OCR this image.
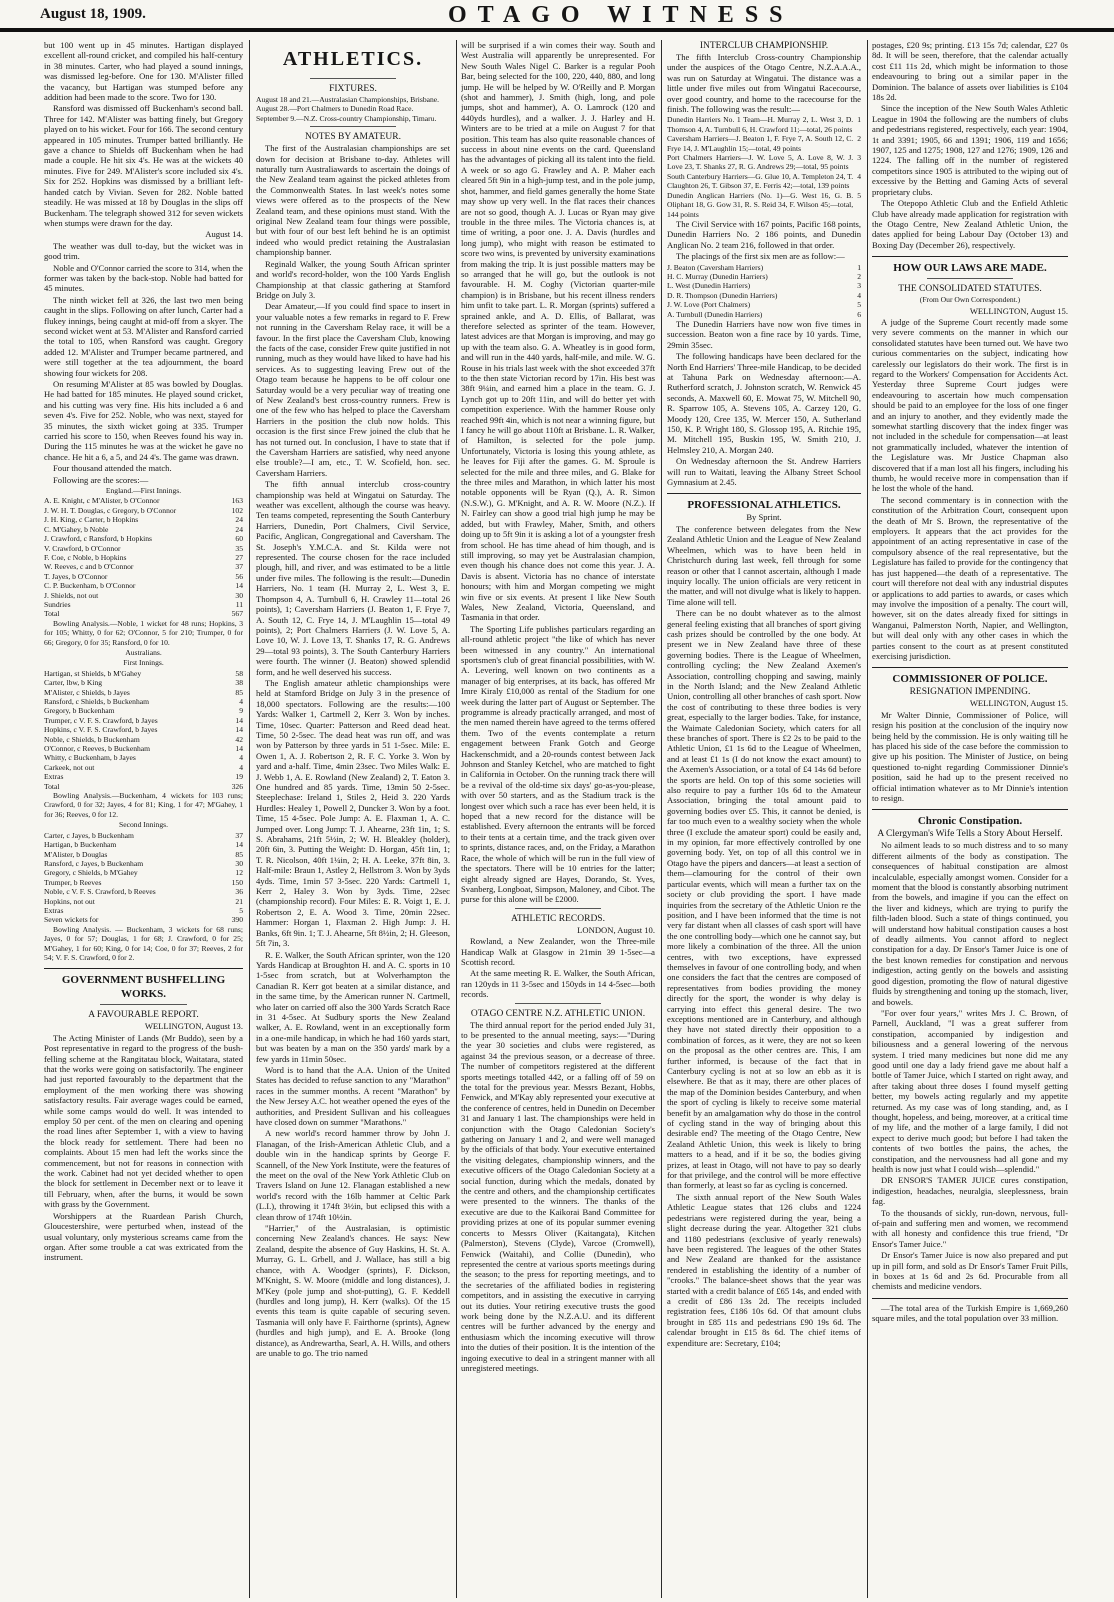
August 18, 1909.	OTAGO WITNESS

but 100 went up in 45 minutes. Hartigan displayed excellent all-round cricket, and compiled his half-century in 38 minutes. Carter, who had played a sound innings, was dismissed leg-before. One for 130. M'Alister filled the vacancy, but Hartigan was stumped before any addition had been made to the score. Two for 130.

Ransford was dismissed off Buckenham's second ball. Three for 142. M'Alister was batting finely, but Gregory played on to his wicket. Four for 166. The second century appeared in 105 minutes. Trumper batted brilliantly. He gave a chance to Shields off Buckenham when he had made a couple. He hit six 4's. He was at the wickets 40 minutes. Five for 249. M'Alister's score included six 4's. Six for 252. Hopkins was dismissed by a brilliant left-handed catch by Vivian. Seven for 282. Noble batted steadily. He was missed at 18 by Douglas in the slips off Buckenham. The telegraph showed 312 for seven wickets when stumps were drawn for the day.

August 14.

The weather was dull to-day, but the wicket was in good trim.

Noble and O'Connor carried the score to 314, when the former was taken by the back-stop. Noble had batted for 45 minutes.

The ninth wicket fell at 326, the last two men being caught in the slips. Following on after lunch, Carter had a flukey innings, being caught at mid-off from a skyer. The second wicket went at 53. M'Alister and Ransford carried the total to 105, when Ransford was caught. Gregory added 12. M'Alister and Trumper became partnered, and were still together at the tea adjournment, the board showing four wickets for 208.

On resuming M'Alister at 85 was bowled by Douglas. He had batted for 185 minutes. He played sound cricket, and his cutting was very fine. His hits included a 6 and seven 4's. Five for 252. Noble, who was next, stayed for 35 minutes, the sixth wicket going at 335. Trumper carried his score to 150, when Reeves found his way in. During the 115 minutes he was at the wicket he gave no chance. He hit a 6, a 5, and 24 4's. The game was drawn.

Four thousand attended the match.

Following are the scores:—

England.—First Innings.

A. E. Knight, c M'Alister, b O'Connor	163
J. W. H. T. Douglas, c Gregory, b O'Connor	102
J. H. King, c Carter, b Hopkins	24
C. M'Gahey, b Noble	24
J. Crawford, c Ransford, b Hopkins	60
V. Crawford, b O'Connor	35
F. Coe, c Noble, b Hopkins	27
W. Reeves, c and b O'Connor	37
T. Jayes, b O'Connor	56
C. P. Buckenham, b O'Connor	14
J. Shields, not out	30
Sundries	11
Total	567

Bowling Analysis.—Noble, 1 wicket for 48 runs; Hopkins, 3 for 105; Whitty, 0 for 62; O'Connor, 5 for 210; Trumper, 0 for 66; Gregory, 0 for 35; Ransford, 0 for 10.

Australians.

First Innings.

Hartigan, st Shields, b M'Gahey	58
Carter, lbw, b King	38
M'Alister, c Shields, b Jayes	85
Ransford, c Shields, b Buckenham	4
Gregory, b Buckenham	9
Trumper, c V. F. S. Crawford, b Jayes	14
Hopkins, c V. F. S. Crawford, b Jayes	14
Noble, c Shields, b Buckenham	42
O'Connor, c Reeves, b Buckenham	14
Whitty, c Buckenham, b Jayes	4
Carkeek, not out	4
Extras	19
Total	326

Bowling Analysis.—Buckenham, 4 wickets for 103 runs; Crawford, 0 for 32; Jayes, 4 for 81; King, 1 for 47; M'Gahey, 1 for 36; Reeves, 0 for 12.

Second Innings.

Carter, c Jayes, b Buckenham	37
Hartigan, b Buckenham	14
M'Alister, b Douglas	85
Ransford, c Jayes, b Buckenham	30
Gregory, c Shields, b M'Gahey	12
Trumper, b Reeves	150
Noble, c V. F. S. Crawford, b Reeves	36
Hopkins, not out	21
Extras	5
Seven wickets for	390

Bowling Analysis. — Buckenham, 3 wickets for 68 runs; Jayes, 0 for 57; Douglas, 1 for 68; J. Crawford, 0 for 25; M'Gahey, 1 for 60; King, 0 for 14; Coe, 0 for 37; Reeves, 2 for 54; V. F. S. Crawford, 0 for 2.

GOVERNMENT BUSHFELLING WORKS.
A FAVOURABLE REPORT.

WELLINGTON, August 13.

The Acting Minister of Lands (Mr Buddo), seen by a Post representative in regard to the progress of the bush-felling scheme at the Rangitatau block, Waitatara, stated that the works were going on satisfactorily. The engineer had just reported favourably to the department that the employment of the men working there was showing satisfactory results. Fair average wages could be earned, while some camps would do well. It was intended to employ 50 per cent. of the men on clearing and opening the road lines after September 1, with a view to having the block ready for settlement. There had been no complaints. About 15 men had left the works since the commencement, but not for reasons in connection with the work. Cabinet had not yet decided whether to open the block for settlement in December next or to leave it till February, when, after the burns, it would be sown with grass by the Government.

Worshippers at the Ruardean Parish Church, Gloucestershire, were perturbed when, instead of the usual voluntary, only mysterious screams came from the organ. After some trouble a cat was extricated from the instrument.

ATHLETICS.
FIXTURES.
August 18 and 21.—Australasian Championships, Brisbane.
August 28.—Port Chalmers to Dunedin Road Race.
September 9.—N.Z. Cross-country Championship, Timaru.
NOTES BY AMATEUR.

The first of the Australasian championships are set down for decision at Brisbane to-day. Athletes will naturally turn Australiawards to ascertain the doings of the New Zealand team against the picked athletes from the Commonwealth States. In last week's notes some views were offered as to the prospects of the New Zealand team, and these opinions must stand. With the original New Zealand team four things were possible, but with four of our best left behind he is an optimist indeed who would predict retaining the Australasian championship banner.

Reginald Walker, the young South African sprinter and world's record-holder, won the 100 Yards English Championship at that classic gathering at Stamford Bridge on July 3.

Dear Amateur,—If you could find space to insert in your valuable notes a few remarks in regard to F. Frew not running in the Caversham Relay race, it will be a favour. In the first place the Caversham Club, knowing the facts of the case, consider Frew quite justified in not running, much as they would have liked to have had his services. As to suggesting leaving Frew out of the Otago team because he happens to be off colour one Saturday would be a very peculiar way of treating one of New Zealand's best cross-country runners. Frew is one of the few who has helped to place the Caversham Harriers in the position the club now holds. This occasion is the first since Frew joined the club that he has not turned out. In conclusion, I have to state that if the Caversham Harriers are satisfied, why need anyone else trouble?—I am, etc., T. W. Scofield, hon. sec. Caversham Harriers.

The fifth annual interclub cross-country championship was held at Wingatui on Saturday. The weather was excellent, although the course was heavy. Ten teams competed, representing the South Canterbury Harriers, Dunedin, Port Chalmers, Civil Service, Pacific, Anglican, Congregational and Caversham. The St. Joseph's Y.M.C.A. and St. Kilda were not represented. The course chosen for the race included plough, hill, and river, and was estimated to be a little under five miles. The following is the result:—Dunedin Harriers, No. 1 team (H. Murray 2, L. West 3, E. Thompson 4, A. Turnbull 6, H. Crawley 11—total 26 points), 1; Caversham Harriers (J. Beaton 1, F. Frye 7, A. South 12, C. Frye 14, J. M'Laughlin 15—total 49 points), 2; Port Chalmers Harriers (J. W. Love 5, A. Love 10, W. J. Love 13, T. Shanks 17, R. G. Andrews 29—total 93 points), 3. The South Canterbury Harriers were fourth. The winner (J. Beaton) showed splendid form, and he well deserved his success.

The English amateur athletic championships were held at Stamford Bridge on July 3 in the presence of 18,000 spectators. Following are the results:—100 Yards: Walker 1, Cartmell 2, Kerr 3. Won by inches. Time, 10sec. Quarter: Patterson and Reed dead heat. Time, 50 2-5sec. The dead heat was run off, and was won by Patterson by three yards in 51 1-5sec. Mile: E. Owen 1, A. J. Robertson 2, R. F. C. Yorke 3. Won by yard and a-half. Time, 4min 23sec. Two Miles Walk: E. J. Webb 1, A. E. Rowland (New Zealand) 2, T. Eaton 3. One hundred and 85 yards. Time, 13min 50 2-5sec. Steeplechase: Ireland 1, Stiles 2, Heid 3. 220 Yards Hurdles: Healey 1, Powell 2, Duncker 3. Won by a foot. Time, 15 4-5sec. Pole Jump: A. E. Flaxman 1, A. C. Jumped over. Long Jump: T. J. Ahearne, 23ft 1in, 1; S. S. Abrahams, 21ft 5½in, 2; W. H. Bleakley (holder), 20ft 6in, 3. Putting the Weight: D. Horgan, 45ft 1in, 1; T. R. Nicolson, 40ft 1¼in, 2; H. A. Leeke, 37ft 8in, 3. Half-mile: Braun 1, Astley 2, Hellstrom 3. Won by 3yds 4yds. Time, 1min 57 3-5sec. 220 Yards: Cartmell 1, Kerr 2, Haley 3. Won by 3yds. Time, 22sec (championship record). Four Miles: E. R. Voigt 1, E. J. Robertson 2, E. A. Wood 3. Time, 20min 22sec. Hammer: Horgan 1, Flaxman 2. High Jump: J. H. Banks, 6ft 9in. 1; T. J. Ahearne, 5ft 8½in, 2; H. Gleeson, 5ft 7in, 3.

R. E. Walker, the South African sprinter, won the 120 Yards Handicap at Broughton H. and A. C. sports in 10 1-5sec from scratch, but at Wolverhampton the Canadian R. Kerr got beaten at a similar distance, and in the same time, by the American runner N. Cartmell, who later on carried off also the 300 Yards Scratch Race in 31 4-5sec. At Sudbury sports the New Zealand walker, A. E. Rowland, went in an exceptionally form in a one-mile handicap, in which he had 160 yards start, but was beaten by a man on the 350 yards' mark by a few yards in 11min 50sec.

Word is to hand that the A.A. Union of the United States has decided to refuse sanction to any "Marathon" races in the summer months. A recent "Marathon" by the New Jersey A.C. hot weather opened the eyes of the authorities, and President Sullivan and his colleagues have closed down on summer "Marathons."

A new world's record hammer throw by John J. Flanagan, of the Irish-American Athletic Club, and a double win in the handicap sprints by George F. Scannell, of the New York Institute, were the features of the meet on the oval of the New York Athletic Club on Travers Island on June 12. Flanagan established a new world's record with the 16lb hammer at Celtic Park (L.I.), throwing it 174ft 3½in, but eclipsed this with a clean throw of 174ft 10½in.

"Harrier," of the Australasian, is optimistic concerning New Zealand's chances. He says: New Zealand, despite the absence of Guy Haskins, H. St. A. Murray, G. L. Grbell, and J. Wallace, has still a big chance, with A. Woodger (sprints), F. Dickson, M'Knight, S. W. Moore (middle and long distances), J. M'Key (pole jump and shot-putting), G. F. Keddell (hurdles and long jump), H. Kerr (walks). Of the 15 events this team is quite capable of securing seven. Tasmania will only have F. Fairthorne (sprints), Agnew (hurdles and high jump), and E. A. Brooke (long distance), as Andrewartha, Searl, A. H. Wills, and others are unable to go. The trio named

will be surprised if a win comes their way. South and West Australia will apparently be unrepresented. For New South Wales Nigel C. Barker is a regular Pooh Bar, being selected for the 100, 220, 440, 880, and long jump. He will be helped by W. O'Reilly and P. Morgan (shot and hammer), J. Smith (high, long, and pole jumps, shot and hammer), A. O. Lamrock (120 and 440yds hurdles), and a walker. J. J. Harley and H. Winters are to be tried at a mile on August 7 for that position. This team has also quite reasonable chances of success in about nine events on the card. Queensland has the advantages of picking all its talent into the field. A week or so ago G. Frawley and A. P. Maher each cleared 5ft 9in in a high-jump test, and in the pole jump, shot, hammer, and field games generally the home State may show up very well. In the flat races their chances are not so good, though A. J. Lucas or Ryan may give trouble in the three miles. The Victoria chances is, at time of writing, a poor one. J. A. Davis (hurdles and long jump), who might with reason be estimated to score two wins, is prevented by university examinations from making the trip. It is just possible matters may be so arranged that he will go, but the outlook is not favourable. H. M. Coghy (Victorian quarter-mile champion) is in Brisbane, but his recent illness renders him unfit to take part. L. R. Morgan (sprints) suffered a sprained ankle, and A. D. Ellis, of Ballarat, was therefore selected as sprinter of the team. However, latest advices are that Morgan is improving, and may go up with the team also. G. A. Wheatley is in good form, and will run in the 440 yards, half-mile, and mile. W. G. Rouse in his trials last week with the shot exceeded 37ft to the then state Victorian record by 17in. His best was 38ft 9¼in, and earned him a place in the team. G. J. Lynch got up to 20ft 11in, and will do better yet with competition experience. With the hammer Rouse only reached 99ft 4in, which is not near a winning figure, but I fancy he will go about 110ft at Brisbane. L. R. Walker, of Hamilton, is selected for the pole jump. Unfortunately, Victoria is losing this young athlete, as he leaves for Fiji after the games. G. M. Sproule is selected for the mile and three miles, and G. Blake for the three miles and Marathon, in which latter his most notable opponents will be Ryan (Q.), A. R. Simon (N.S.W.), G. M'Knight, and A. R. W. Moore (N.Z.). If N. Fairley can show a good trial high jump he may be added, but with Frawley, Maher, Smith, and others doing up to 5ft 9in it is asking a lot of a youngster fresh from school. He has time ahead of him though, and is still improving, so may yet be Australasian champion, even though his chance does not come this year. J. A. Davis is absent. Victoria has no chance of interstate honours; with him and Morgan competing we might win five or six events. At present I like New South Wales, New Zealand, Victoria, Queensland, and Tasmania in that order.

The Sporting Life publishes particulars regarding an all-round athletic project "the like of which has never been witnessed in any country." An international sportsmen's club of great financial possibilities, with W. A. Levering, well known on two continents as a manager of big enterprises, at its back, has offered Mr Imre Kiraly £10,000 as rental of the Stadium for one week during the latter part of August or September. The programme is already practically arranged, and most of the men named therein have agreed to the terms offered them. Two of the events contemplate a return engagement between Frank Gotch and George Hackenschmidt, and a 20-rounds contest between Jack Johnson and Stanley Ketchel, who are matched to fight in California in October. On the running track there will be a revival of the old-time six days' go-as-you-please, with over 50 starters, and as the Stadium track is the longest over which such a race has ever been held, it is hoped that a new record for the distance will be established. Every afternoon the entrants will be forced to their tents at a certain time, and the track given over to sprints, distance races, and, on the Friday, a Marathon Race, the whole of which will be run in the full view of the spectators. There will be 10 entries for the latter; eight already signed are Hayes, Dorando, St. Yves, Svanberg, Longboat, Simpson, Maloney, and Cibot. The purse for this alone will be £2000.

ATHLETIC RECORDS.

LONDON, August 10.

Rowland, a New Zealander, won the Three-mile Handicap Walk at Glasgow in 21min 39 1-5sec—a Scottish record.

At the same meeting R. E. Walker, the South African, ran 120yds in 11 3-5sec and 150yds in 14 4-5sec—both records.

OTAGO CENTRE N.Z. ATHLETIC UNION.

The third annual report for the period ended July 31, to be presented to the annual meeting, says:—"During the year 30 societies and clubs were registered, as against 34 the previous season, or a decrease of three. The number of competitors registered at the different sports meetings totalled 442, or a falling off of 59 on the total for the previous year. Messrs Bezant, Hobbs, Fenwick, and M'Kay ably represented your executive at the conference of centres, held in Dunedin on December 31 and January 1 last. The championships were held in conjunction with the Otago Caledonian Society's gathering on January 1 and 2, and were well managed by the officials of that body. Your executive entertained the visiting delegates, championship winners, and the executive officers of the Otago Caledonian Society at a social function, during which the medals, donated by the centre and others, and the championship certificates were presented to the winners. The thanks of the executive are due to the Kaikorai Band Committee for providing prizes at one of its popular summer evening concerts to Messrs Oliver (Kaitangata), Kitchen (Palmerston), Stevens (Clyde), Varcoe (Cromwell), Fenwick (Waitahi), and Collie (Dunedin), who represented the centre at various sports meetings during the season; to the press for reporting meetings, and to the secretaries of the affiliated bodies in registering competitors, and in assisting the executive in carrying out its duties. Your retiring executive trusts the good work being done by the N.Z.A.U. and its different centres will be further advanced by the energy and enthusiasm which the incoming executive will throw into the duties of their position. It is the intention of the ingoing executive to deal in a stringent manner with all unregistered meetings.

INTERCLUB CHAMPIONSHIP.

The fifth Interclub Cross-country Championship under the auspices of the Otago Centre, N.Z.A.A.A., was run on Saturday at Wingatui. The distance was a little under five miles out from Wingatui Racecourse, over good country, and home to the racecourse for the finish. The following was the result:—

Dunedin Harriers No. 1 Team—H. Murray 2, L. West 3, D. Thomson 4, A. Turnbull 6, H. Crawford 11;—total, 26 points
1
Caversham Harriers—J. Beaton 1, F. Frye 7, A. South 12, C. Frye 14, J. M'Laughlin 15;—total, 49 points
2
Port Chalmers Harriers—J. W. Love 5, A. Love 8, W. J. Love 23, T. Shanks 27, R. G. Andrews 29;—total, 95 points
3
South Canterbury Harriers—G. Glue 10, A. Templeton 24, T. Claughton 26, T. Gibson 37, E. Ferris 42;—total, 139 points
4
Dunedin Anglican Harriers (No. 1)—G. West 16, G. B. Oliphant 18, G. Gow 31, R. S. Reid 34, F. Wilson 45;—total, 144 points
5

The Civil Service with 167 points, Pacific 168 points, Dunedin Harriers No. 2 186 points, and Dunedin Anglican No. 2 team 216, followed in that order.

The placings of the first six men are as follow:—

J. Beaton (Caversham Harriers)	1
H. C. Murray (Dunedin Harriers)	2
L. West (Dunedin Harriers)	3
D. R. Thompson (Dunedin Harriers)	4
J. W. Love (Port Chalmers)	5
A. Turnbull (Dunedin Harriers)	6

The Dunedin Harriers have now won five times in succession. Beaton won a fine race by 10 yards. Time, 29min 35sec.

The following handicaps have been declared for the North End Harriers' Three-mile Handicap, to be decided at Tahuna Park on Wednesday afternoon:—A. Rutherford scratch, J. Johnston scratch, W. Renwick 45 seconds, A. Maxwell 60, E. Mowat 75, W. Mitchell 90, R. Sparrow 105, A. Stevens 105, A. Carzey 120, G. Moody 120, Cree 135, W. Mercer 150, A. Sutherland 150, K. P. Wright 180, S. Glossop 195, A. Ritchie 195, M. Mitchell 195, Buskin 195, W. Smith 210, J. Helmsley 210, A. Morgan 240.

On Wednesday afternoon the St. Andrew Harriers will run to Waitati, leaving the Albany Street School Gymnasium at 2.45.

PROFESSIONAL ATHLETICS.

By Sprint.

The conference between delegates from the New Zealand Athletic Union and the League of New Zealand Wheelmen, which was to have been held in Christchurch during last week, fell through for some reason or other that I cannot ascertain, although I made inquiry locally. The union officials are very reticent in the matter, and will not divulge what is likely to happen. Time alone will tell.

There can be no doubt whatever as to the almost general feeling existing that all branches of sport giving cash prizes should be controlled by the one body. At present we in New Zealand have three of these governing bodies. There is the League of Wheelmen, controlling cycling; the New Zealand Axemen's Association, controlling chopping and sawing, mainly in the North Island; and the New Zealand Athletic Union, controlling all other branches of cash sport. Now the cost of contributing to these three bodies is very great, especially to the larger bodies. Take, for instance, the Waimate Caledonian Society, which caters for all these branches of sport. There is £2 2s to be paid to the Athletic Union, £1 1s 6d to the League of Wheelmen, and at least £1 1s (I do not know the exact amount) to the Axemen's Association, or a total of £4 14s 6d before the sports are held. On top of this some societies will also require to pay a further 10s 6d to the Amateur Association, bringing the total amount paid to governing bodies over £5. This, it cannot be denied, is far too much even to a wealthy society when the whole three (I exclude the amateur sport) could be easily and, in my opinion, far more effectively controlled by one governing body. Yet, on top of all this control we in Otago have the pipers and dancers—at least a section of them—clamouring for the control of their own particular events, which will mean a further tax on the society or club providing the sport. I have made inquiries from the secretary of the Athletic Union re the position, and I have been informed that the time is not very far distant when all classes of cash sport will have the one controlling body—which one he cannot say, but more likely a combination of the three. All the union centres, with two exceptions, have expressed themselves in favour of one controlling body, and when one considers the fact that the centres are composed of representatives from bodies providing the money directly for the sport, the wonder is why delay is carrying into effect this general desire. The two exceptions mentioned are in Canterbury, and although they have not stated directly their opposition to a combination of forces, as it were, they are not so keen on the proposal as the other centres are. This, I am further informed, is because of the fact that in Canterbury cycling is not at so low an ebb as it is elsewhere. Be that as it may, there are other places of the map of the Dominion besides Canterbury, and when the sport of cycling is likely to receive some material benefit by an amalgamation why do those in the control of cycling stand in the way of bringing about this desirable end? The meeting of the Otago Centre, New Zealand Athletic Union, this week is likely to bring matters to a head, and if it be so, the bodies giving prizes, at least in Otago, will not have to pay so dearly for that privilege, and the control will be more effective than formerly, at least so far as cycling is concerned.

The sixth annual report of the New South Wales Athletic League states that 126 clubs and 1224 pedestrians were registered during the year, being a slight decrease during the year. Altogether 321 clubs and 1180 pedestrians (exclusive of yearly renewals) have been registered. The leagues of the other States and New Zealand are thanked for the assistance rendered in establishing the identity of a number of "crooks." The balance-sheet shows that the year was started with a credit balance of £65 14s, and ended with a credit of £86 13s 2d. The receipts included registration fees, £186 10s 6d. Of that amount clubs brought in £85 11s and pedestrians £90 19s 6d. The calendar brought in £15 8s 6d. The chief items of expenditure are: Secretary, £104;

postages, £20 9s; printing. £13 15s 7d; calendar, £27 0s 8d. It will be seen, therefore, that the calendar actually cost £11 11s 2d, which might be information to those endeavouring to bring out a similar paper in the Dominion. The balance of assets over liabilities is £104 18s 2d.

Since the inception of the New South Wales Athletic League in 1904 the following are the numbers of clubs and pedestrians registered, respectively, each year: 1904, 1t and 3391; 1905, 66 and 1391; 1906, 119 and 1656; 1907, 125 and 1275; 1908, 127 and 1276; 1909, 126 and 1224. The falling off in the number of registered competitors since 1905 is attributed to the wiping out of excessive by the Betting and Gaming Acts of several proprietary clubs.

The Otepopo Athletic Club and the Enfield Athletic Club have already made application for registration with the Otago Centre, New Zealand Athletic Union, the dates applied for being Labour Day (October 13) and Boxing Day (December 26), respectively.

HOW OUR LAWS ARE MADE.
THE CONSOLIDATED STATUTES.

(From Our Own Correspondent.)

WELLINGTON, August 15.

A judge of the Supreme Court recently made some very severe comments on the manner in which our consolidated statutes have been turned out. We have two curious commentaries on the subject, indicating how carelessly our legislators do their work. The first is in regard to the Workers' Compensation for Accidents Act. Yesterday three Supreme Court judges were endeavouring to ascertain how much compensation should be paid to an employee for the loss of one finger and an injury to another, and they evidently made the somewhat startling discovery that the index finger was not included in the schedule for compensation—at least not grammatically included, whatever the intention of the Legislature was. Mr Justice Chapman also discovered that if a man lost all his fingers, including his thumb, he would receive more in compensation than if he lost the whole of the hand.

The second commentary is in connection with the constitution of the Arbitration Court, consequent upon the death of Mr S. Brown, the representative of the employers. It appears that the act provides for the appointment of an acting representative in case of the compulsory absence of the real representative, but the Legislature has failed to provide for the contingency that has just happened—the death of a representative. The court will therefore not deal with any industrial disputes or applications to add parties to awards, or cases which may involve the imposition of a penalty. The court will, however, sit on the dates already fixed for sittings in Wanganui, Palmerston North, Napier, and Wellington, but will deal only with any other cases in which the parties consent to the court as at present constituted exercising jurisdiction.

COMMISSIONER OF POLICE.
RESIGNATION IMPENDING.

WELLINGTON, August 15.

Mr Walter Dinnie, Commissioner of Police, will resign his position at the conclusion of the inquiry now being held by the commission. He is only waiting till he has placed his side of the case before the commission to give up his position. The Minister of Justice, on being questioned to-night regarding Commissioner Dinnie's position, said he had up to the present received no official intimation whatever as to Mr Dinnie's intention to resign.

Chronic Constipation.
A Clergyman's Wife Tells a Story About Herself.

No ailment leads to so much distress and to so many different ailments of the body as constipation. The consequences of habitual constipation are almost incalculable, especially amongst women. Consider for a moment that the blood is constantly absorbing nutriment from the bowels, and imagine if you can the effect on the liver and kidneys, which are trying to purify the filth-laden blood. Such a state of things continued, you will understand how habitual constipation causes a host of deadly ailments. You cannot afford to neglect constipation for a day. Dr Ensor's Tamer Juice is one of the best known remedies for constipation and nervous indigestion, acting gently on the bowels and assisting good digestion, promoting the flow of natural digestive fluids by strengthening and toning up the stomach, liver, and bowels.

"For over four years," writes Mrs J. C. Brown, of Parnell, Auckland, "I was a great sufferer from constipation, accompanied by indigestion and biliousness and a general lowering of the nervous system. I tried many medicines but none did me any good until one day a lady friend gave me about half a bottle of Tamer Juice, which I started on right away, and after taking about three doses I found myself getting better, my bowels acting regularly and my appetite returned. As my case was of long standing, and, as I thought, hopeless, and being, moreover, at a critical time of my life, and the mother of a large family, I did not expect to derive much good; but before I had taken the contents of two bottles the pains, the aches, the constipation, and the nervousness had all gone and my health is now just what I could wish—splendid."

DR ENSOR'S TAMER JUICE cures constipation, indigestion, headaches, neuralgia, sleeplessness, brain fag.

To the thousands of sickly, run-down, nervous, full-of-pain and suffering men and women, we recommend with all honesty and confidence this true friend, "Dr Ensor's Tamer Juice."

Dr Ensor's Tamer Juice is now also prepared and put up in pill form, and sold as Dr Ensor's Tamer Fruit Pills, in boxes at 1s 6d and 2s 6d. Procurable from all chemists and medicine vendors.

—The total area of the Turkish Empire is 1,669,260 square miles, and the total population over 33 million.
